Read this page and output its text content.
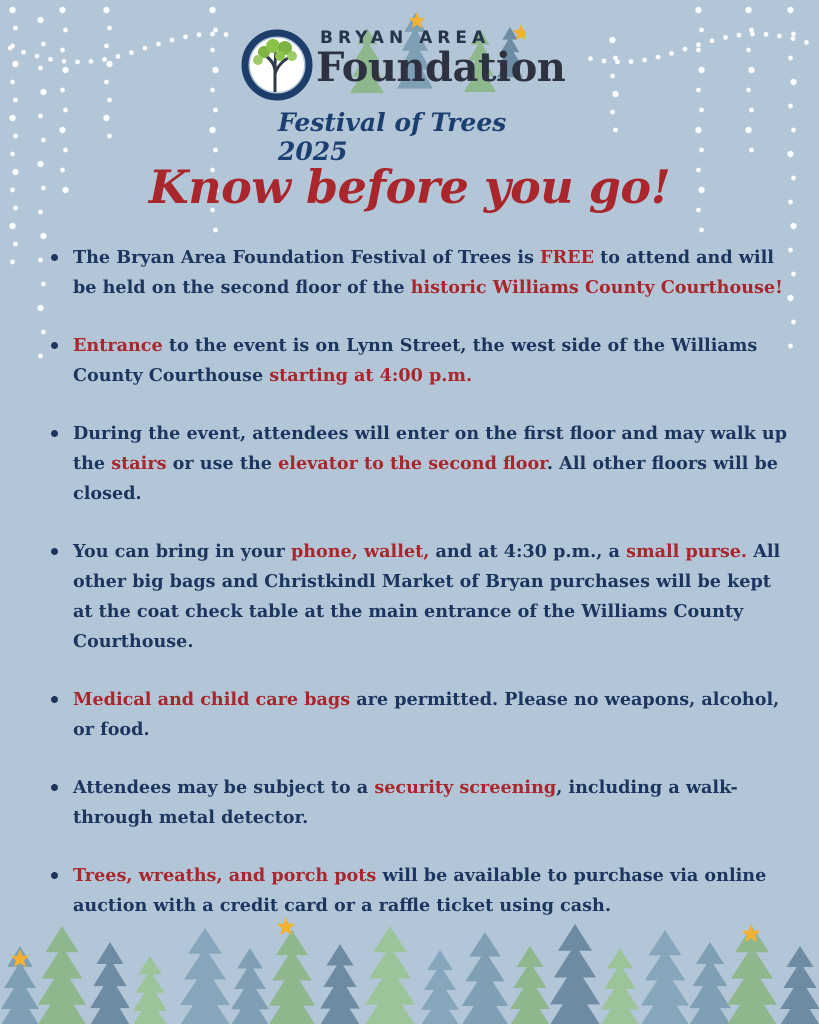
BRYAN AREA
Foundation
Festival of Trees 2025
Know before you go!
The Bryan Area Foundation Festival of Trees is FREE to attend and will be held on the second floor of the historic Williams County Courthouse!
Entrance to the event is on Lynn Street, the west side of the Williams County Courthouse starting at 4:00 p.m.
During the event, attendees will enter on the first floor and may walk up the stairs or use the elevator to the second floor. All other floors will be closed.
You can bring in your phone, wallet, and at 4:30 p.m., a small purse. All other big bags and Christkindl Market of Bryan purchases will be kept at the coat check table at the main entrance of the Williams County Courthouse.
Medical and child care bags are permitted. Please no weapons, alcohol, or food.
Attendees may be subject to a security screening, including a walk-through metal detector.
Trees, wreaths, and porch pots will be available to purchase via online auction with a credit card or a raffle ticket using cash.
